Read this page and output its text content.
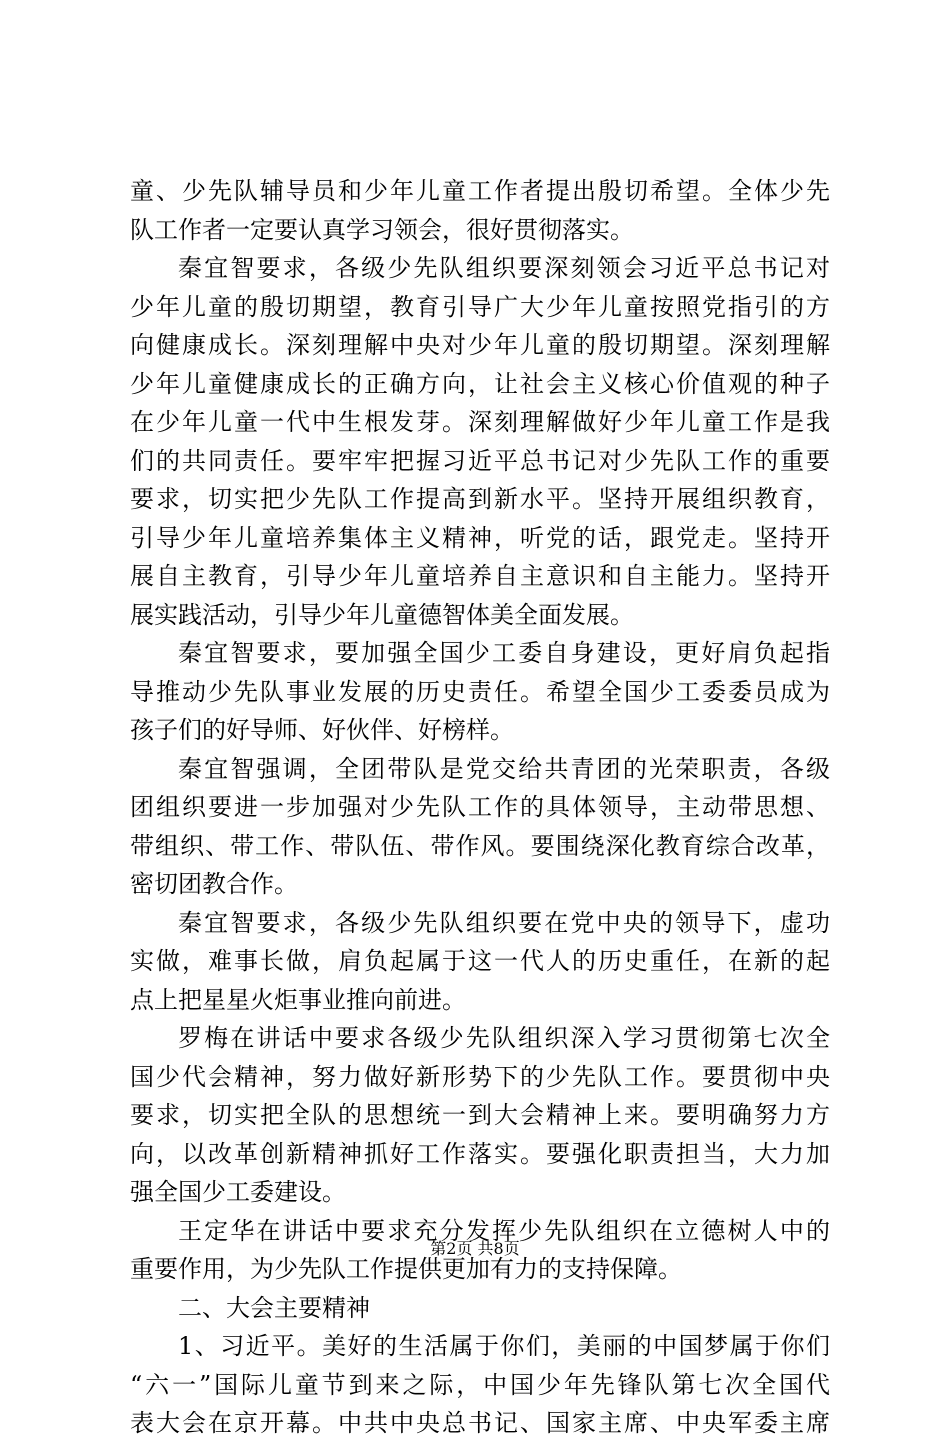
童、少先队辅导员和少年儿童工作者提出殷切希望。全体少先
队工作者一定要认真学习领会，很好贯彻落实。
秦宜智要求，各级少先队组织要深刻领会习近平总书记对
少年儿童的殷切期望，教育引导广大少年儿童按照党指引的方
向健康成长。深刻理解中央对少年儿童的殷切期望。深刻理解
少年儿童健康成长的正确方向，让社会主义核心价值观的种子
在少年儿童一代中生根发芽。深刻理解做好少年儿童工作是我
们的共同责任。要牢牢把握习近平总书记对少先队工作的重要
要求，切实把少先队工作提高到新水平。坚持开展组织教育，
引导少年儿童培养集体主义精神，听党的话，跟党走。坚持开
展自主教育，引导少年儿童培养自主意识和自主能力。坚持开
展实践活动，引导少年儿童德智体美全面发展。
秦宜智要求，要加强全国少工委自身建设，更好肩负起指
导推动少先队事业发展的历史责任。希望全国少工委委员成为
孩子们的好导师、好伙伴、好榜样。
秦宜智强调，全团带队是党交给共青团的光荣职责，各级
团组织要进一步加强对少先队工作的具体领导，主动带思想、
带组织、带工作、带队伍、带作风。要围绕深化教育综合改革，
密切团教合作。
秦宜智要求，各级少先队组织要在党中央的领导下，虚功
实做，难事长做，肩负起属于这一代人的历史重任，在新的起
点上把星星火炬事业推向前进。
罗梅在讲话中要求各级少先队组织深入学习贯彻第七次全
国少代会精神，努力做好新形势下的少先队工作。要贯彻中央
要求，切实把全队的思想统一到大会精神上来。要明确努力方
向，以改革创新精神抓好工作落实。要强化职责担当，大力加
强全国少工委建设。
王定华在讲话中要求充分发挥少先队组织在立德树人中的
重要作用，为少先队工作提供更加有力的支持保障。
二、大会主要精神
1、习近平。美好的生活属于你们，美丽的中国梦属于你们
“六一”国际儿童节到来之际，中国少年先锋队第七次全国代
表大会在京开幕。中共中央总书记、国家主席、中央军委主席
第2页 共8页
